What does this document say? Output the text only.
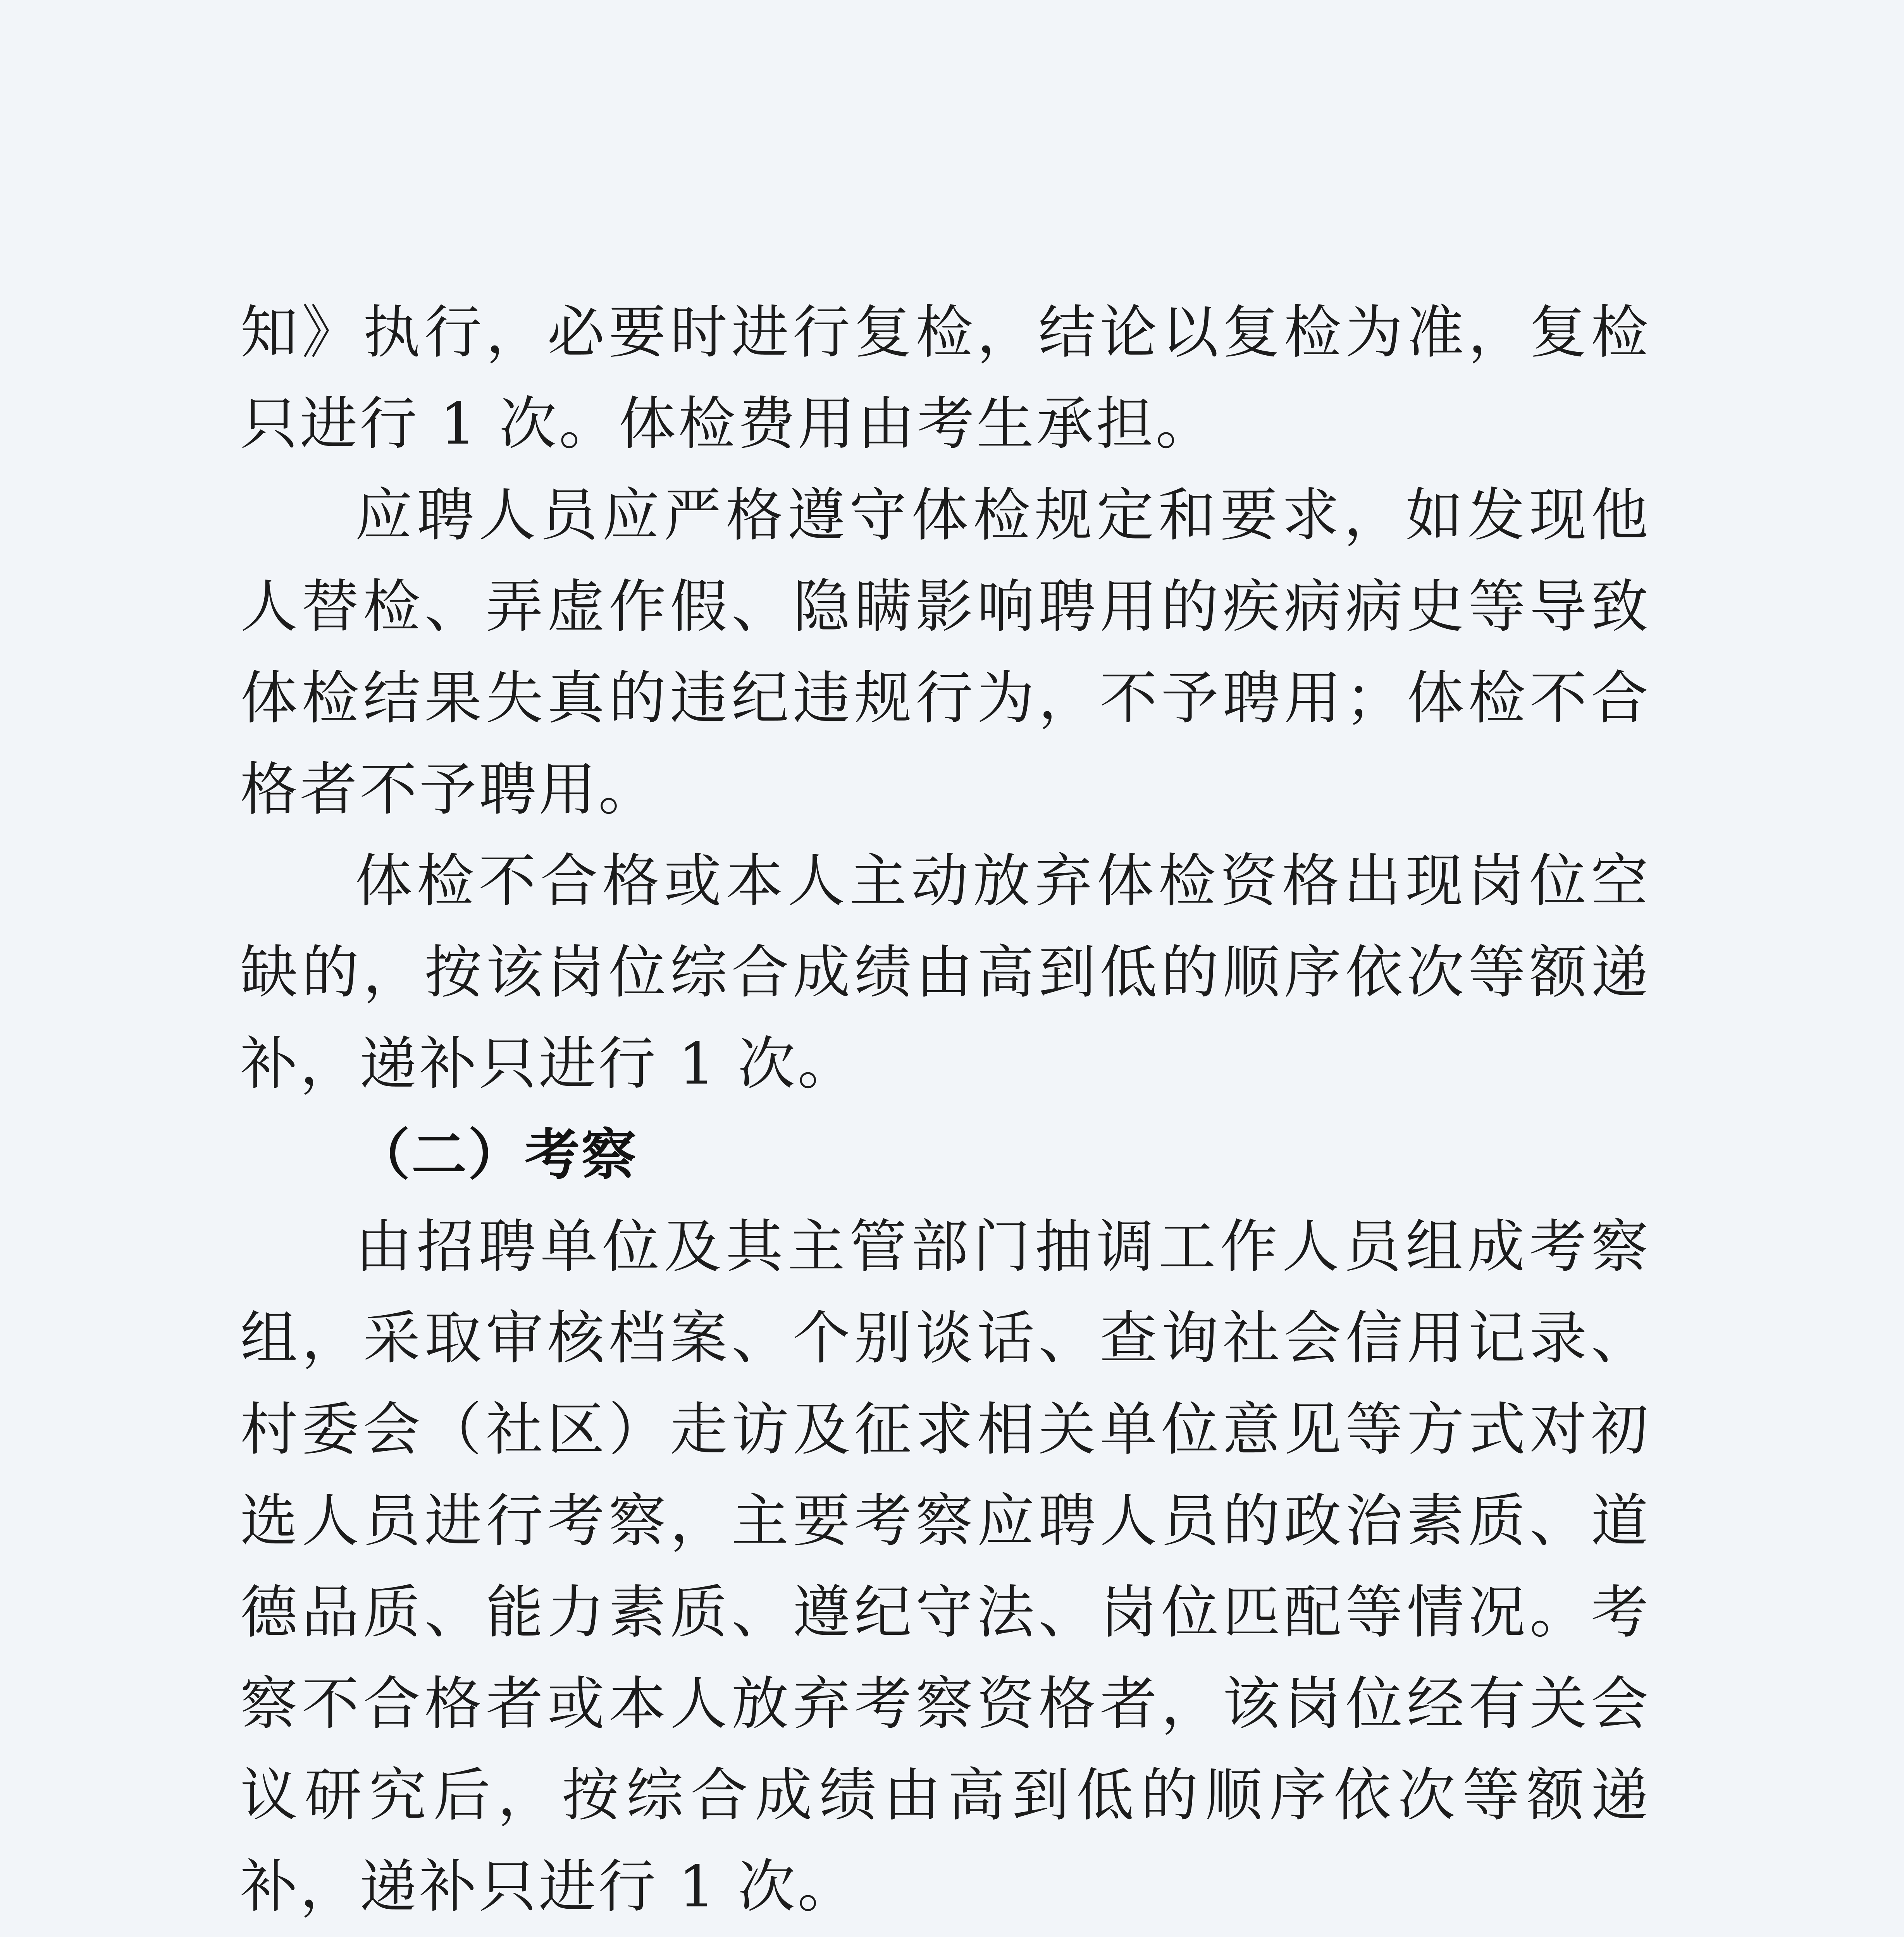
知》执行，必要时进行复检，结论以复检为准，复检只进行 1 次。体检费用由考生承担。

应聘人员应严格遵守体检规定和要求，如发现他人替检、弄虚作假、隐瞒影响聘用的疾病病史等导致体检结果失真的违纪违规行为，不予聘用；体检不合格者不予聘用。

体检不合格或本人主动放弃体检资格出现岗位空缺的，按该岗位综合成绩由高到低的顺序依次等额递补，递补只进行 1 次。

（二）考察

由招聘单位及其主管部门抽调工作人员组成考察组，采取审核档案、个别谈话、查询社会信用记录、村委会（社区）走访及征求相关单位意见等方式对初选人员进行考察，主要考察应聘人员的政治素质、道德品质、能力素质、遵纪守法、岗位匹配等情况。考察不合格者或本人放弃考察资格者，该岗位经有关会议研究后，按综合成绩由高到低的顺序依次等额递补，递补只进行 1 次。
